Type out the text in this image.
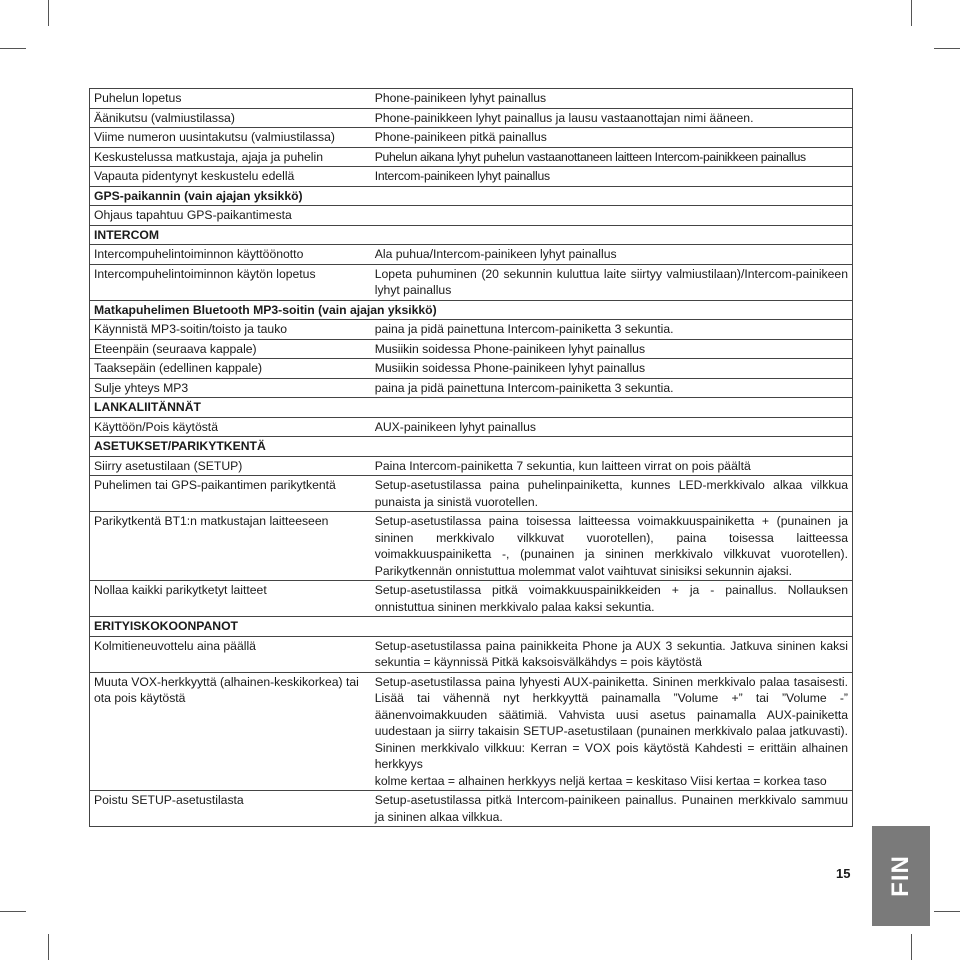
Puhelun lopetus	Phone-painikeen lyhyt painallus
Äänikutsu (valmiustilassa)	Phone-painikkeen lyhyt painallus ja lausu vastaanottajan nimi ääneen.
Viime numeron uusintakutsu (valmiustilassa)	Phone-painikeen pitkä painallus
Keskustelussa matkustaja, ajaja ja puhelin	Puhelun aikana lyhyt puhelun vastaanottaneen laitteen Intercom-painikkeen painallus
Vapauta pidentynyt keskustelu edellä	Intercom-painikeen lyhyt painallus
GPS-paikannin (vain ajajan yksikkö)	
Ohjaus tapahtuu GPS-paikantimesta	
INTERCOM	
Intercompuhelintoiminnon käyttöönotto	Ala puhua/Intercom-painikeen lyhyt painallus
Intercompuhelintoiminnon käytön lopetus	Lopeta puhuminen (20 sekunnin kuluttua laite siirtyy valmiustilaan)/Intercom-painikeen lyhyt painallus
Matkapuhelimen Bluetooth MP3-soitin (vain ajajan yksikkö)	
Käynnistä MP3-soitin/toisto ja tauko	paina ja pidä painettuna Intercom-painiketta 3 sekuntia.
Eteenpäin (seuraava kappale)	Musiikin soidessa Phone-painikeen lyhyt painallus
Taaksepäin (edellinen kappale)	Musiikin soidessa Phone-painikeen lyhyt painallus
Sulje yhteys MP3	paina ja pidä painettuna Intercom-painiketta 3 sekuntia.
LANKALIITÄNNÄT	
Käyttöön/Pois käytöstä	AUX-painikeen lyhyt painallus
ASETUKSET/PARIKYTKENTÄ	
Siirry asetustilaan (SETUP)	Paina Intercom-painiketta 7 sekuntia, kun laitteen virrat on pois päältä
Puhelimen tai GPS-paikantimen parikytkentä	Setup-asetustilassa paina puhelinpainiketta, kunnes LED-merkkivalo alkaa vilkkua punaista ja sinistä vuorotellen.
Parikytkentä BT1:n matkustajan laitteeseen	Setup-asetustilassa paina toisessa laitteessa voimakkuuspainiketta + (punainen ja sininen merkkivalo vilkkuvat vuorotellen), paina toisessa laitteessa voimakkuuspainiketta -, (punainen ja sininen merkkivalo vilkkuvat vuorotellen). Parikytkennän onnistuttua molemmat valot vaihtuvat sinisiksi sekunnin ajaksi.
Nollaa kaikki parikytketyt laitteet	Setup-asetustilassa pitkä voimakkuuspainikkeiden + ja - painallus. Nollauksen onnistuttua sininen merkkivalo palaa kaksi sekuntia.
ERITYISKOKOONPANOT	
Kolmitieneuvottelu aina päällä	Setup-asetustilassa paina painikkeita Phone ja AUX 3 sekuntia. Jatkuva sininen kaksi sekuntia = käynnissä Pitkä kaksoisvälkähdys = pois käytöstä
Muuta VOX-herkkyyttä (alhainen-keskikorkea) tai ota pois käytöstä	Setup-asetustilassa paina lyhyesti AUX-painiketta. Sininen merkkivalo palaa tasaisesti. Lisää tai vähennä nyt herkkyyttä painamalla ”Volume +” tai ”Volume -” äänenvoimakkuuden säätimiä. Vahvista uusi asetus painamalla AUX-painiketta uudestaan ja siirry takaisin SETUP-asetustilaan (punainen merkkivalo palaa jatkuvasti). Sininen merkkivalo vilkkuu: Kerran = VOX pois käytöstä Kahdesti = erittäin alhainen herkkyys
kolme kertaa = alhainen herkkyys neljä kertaa = keskitaso Viisi kertaa = korkea taso
Poistu SETUP-asetustilasta	Setup-asetustilassa pitkä Intercom-painikeen painallus. Punainen merkkivalo sammuu ja sininen alkaa vilkkua.
15 FIN
